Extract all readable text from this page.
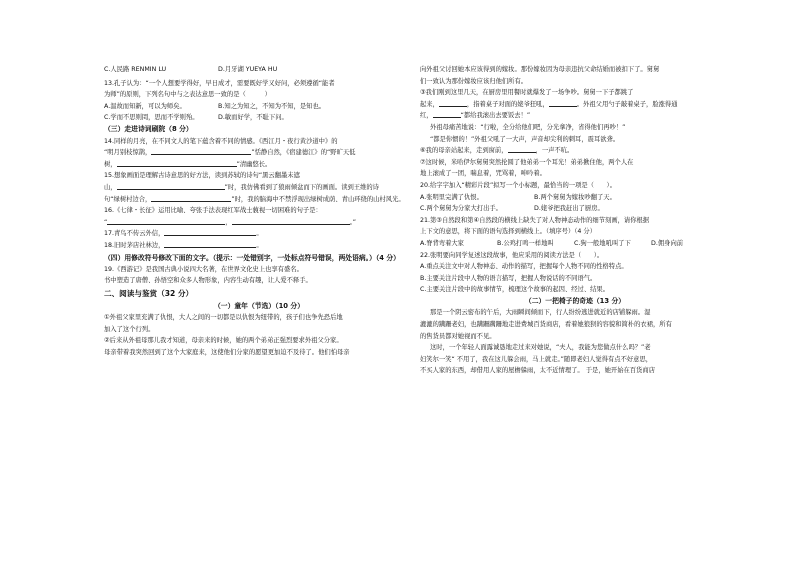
C.人民路 RENMIN LU	D.月牙湖 YUEYA HU
13.孔子认为：“一个人想要学得好，早日成才，需要既好学又好问，必须遵循“能者
为师”的原则，下列名句中与之表达意思一致的是（　　　）
A.温故而知新，可以为师矣。	B.知之为知之，不知为不知，是知也。
C.学而不思则罔，思而不学则殆。	D.敏而好学，不耻下问。
（三）走进诗词刷院（8 分）
14.同样的月亮，在不同文人的笔下蕴含着不同的情感。《西江月・夜行黄沙道中》的
“明月别枝惊鹊，	”恬静自然，《宿建德江》的“野旷天低
树，	”清幽悠长。
15.想象画面是理解古诗意思的好方法，读到苏轼的诗句“黑云翻墨未遮
山，	”时，我仿佛看到了狼雨倾盆而下的画面。读到王维的诗
句“绿树村边合，	”时，我的脑海中不禁浮现出绿树成荫、青山环绕的山村风光。
16.《七律・长征》运用比喻、夸张手法表现红军战士藐视一切困难的句子是：
“	，	。”
17.青鸟不传云外信，	。
18.旧时茅店社林边，	。
（四）用修改符号修改下面的文字。（提示：一处错别字，一处标点符号错误，两处语病。）（4 分）
19.《西游记》是我国古典小说四大名著，在世界文化史上也享有盛名。
书中塑造了唐僧、孙悟空和众多人物形象，内容生动有趣，让人爱不释手。
二、阅读与鉴赏（32 分）
（一）童年（节选）（10 分）
①外祖父家里充满了仇恨，大人之间的一切都是以仇恨为纽带的，孩子们也争先恐后地
加入了这个行列。
②后来从外祖母那儿我才知道，母亲来的时候，她的两个弟弟正强烈要求外祖父分家。
母亲带着我突然回到了这个大家庭来，这使他们分家的愿望更加迫不及待了。他们怕母亲
向外祖父讨回她本应该得到的嫁妆。那份嫁妆因为母亲违抗父命结婚而被扣下了。舅舅
们一致认为那份嫁妆应该归他们所有。
③我们刚到这里几天，在厨房里用餐时就爆发了一场争吵。舅舅一下子都跳了
起来，	，指着桌子对面的姥爷狂吼，	。外祖父用勺子敲着桌子，脸涨得通
红，	“都给我滚出去要饭去！”
外祖母痛苦地说：“行啦，全分给他们吧，分光拿净，省得他们再吵！”
“都是你惯的！”外祖父吼了一大声，声音却尖利的刺耳，震耳欲聋。
⑥我的母亲站起来，走到窗前，	，一声不吭。
⑦这时候，米哈伊尔舅舅突然抡圆了他弟弟一个耳光！弟弟揪住他，两个人在
地上滚成了一团，喘息着，咒骂着，呻吟着。
20.给字字加入“精彩片段”拟写一个小标题，最恰当的一项是（　　）。
A.张明里完满了仇恨。	B.两个舅舅为嫁妆吵翻了天。
C.两个舅舅为分家大打出手。	D.姥爷把我赶出了厨房。
21.第③自然段和第④自然段的横线上缺失了对人物神态动作的细节刻画，请你根据
上下文的意思，将下面的语句选择到横线上。（填序号）（4 分）
A.脊背弯着大家	B.公鸡打鸣一样地叫	C.狗一般地吼叫了下	D.佣身向前
22.张明要向同学复述这段故事，他应采用的阅读方法是（　　）。
A.重点关注文中对人物神态、动作的描写，把握每个人物不同的性格特点。
B.主要关注片段中人物的语言描写，把握人物说话的不同语气。
C.主要关注片段中的故事情节，梳理这个故事的起因、经过、结果。
（二）一把椅子的奇迹（13 分）
那是一个阴云密布的午后，大雨瞬间倾而下，行人纷纷逃进就近的店铺躲雨。湿
漉漉的蹒跚老妇，也蹒跚蹒跚地走进费城百货商店，看着她狼狈的容貌和简朴的衣裙，所有
的售货员都对她视而不见。
这时，一个年轻人面露诚恳地走过来对她说，“夫人，我能为您做点什么吗？”老
妇笑尔一笑“ 不用了，我在这儿躲会雨，马上就走。”随即老妇人觉得有点不好意思，
不买人家的东西，却借用人家的屋檐躲雨，太不近情理了。 于是，她开始在百货商店
